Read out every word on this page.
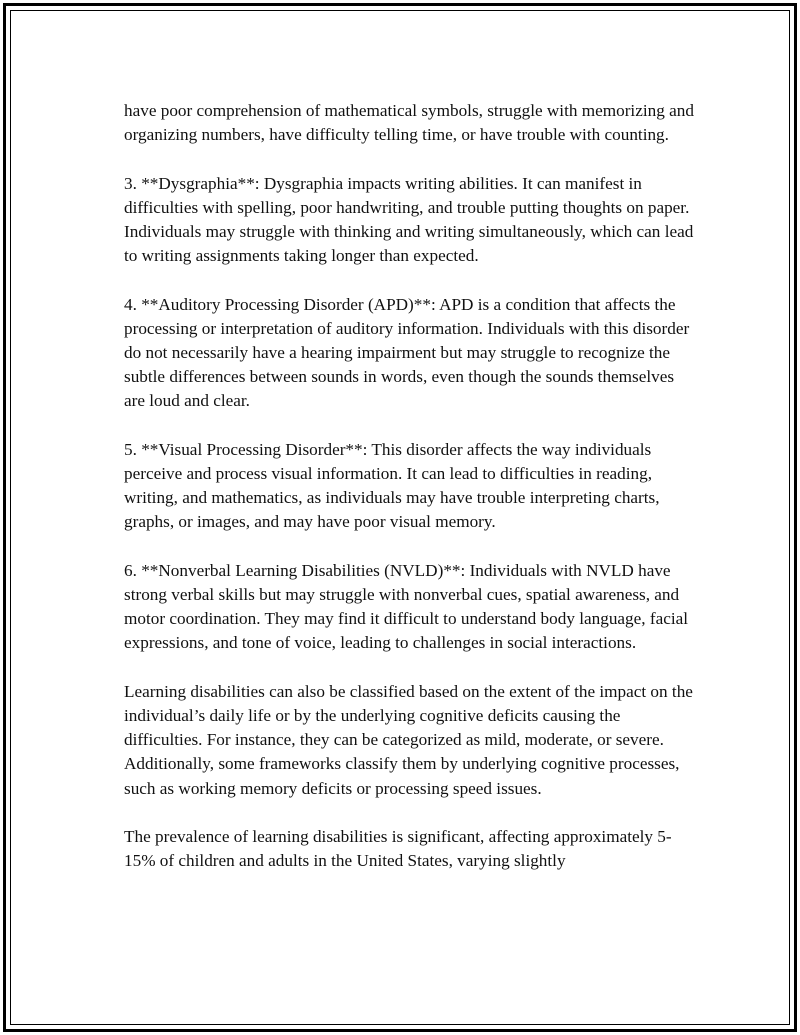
have poor comprehension of mathematical symbols, struggle with memorizing and organizing numbers, have difficulty telling time, or have trouble with counting.

3. **Dysgraphia**: Dysgraphia impacts writing abilities. It can manifest in difficulties with spelling, poor handwriting, and trouble putting thoughts on paper. Individuals may struggle with thinking and writing simultaneously, which can lead to writing assignments taking longer than expected.

4. **Auditory Processing Disorder (APD)**: APD is a condition that affects the processing or interpretation of auditory information. Individuals with this disorder do not necessarily have a hearing impairment but may struggle to recognize the subtle differences between sounds in words, even though the sounds themselves are loud and clear.

5. **Visual Processing Disorder**: This disorder affects the way individuals perceive and process visual information. It can lead to difficulties in reading, writing, and mathematics, as individuals may have trouble interpreting charts, graphs, or images, and may have poor visual memory.

6. **Nonverbal Learning Disabilities (NVLD)**: Individuals with NVLD have strong verbal skills but may struggle with nonverbal cues, spatial awareness, and motor coordination. They may find it difficult to understand body language, facial expressions, and tone of voice, leading to challenges in social interactions.

Learning disabilities can also be classified based on the extent of the impact on the individual’s daily life or by the underlying cognitive deficits causing the difficulties. For instance, they can be categorized as mild, moderate, or severe. Additionally, some frameworks classify them by underlying cognitive processes, such as working memory deficits or processing speed issues.

The prevalence of learning disabilities is significant, affecting approximately 5-15% of children and adults in the United States, varying slightly
